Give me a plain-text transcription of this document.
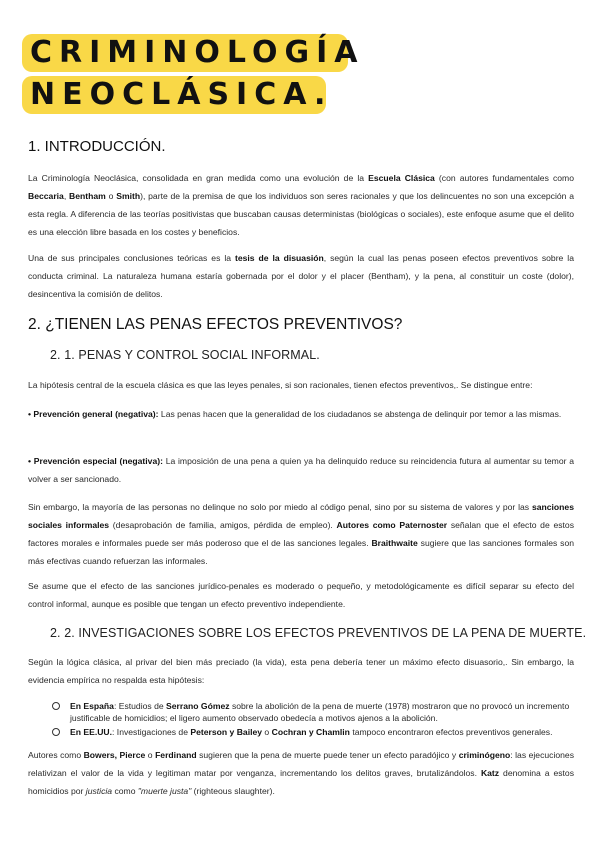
CRIMINOLOGÍA
NEOCLÁSICA.
1. INTRODUCCIÓN.

La Criminología Neoclásica, consolidada en gran medida como una evolución de la Escuela Clásica (con autores fundamentales como Beccaria, Bentham o Smith), parte de la premisa de que los individuos son seres racionales y que los delincuentes no son una excepción a esta regla. A diferencia de las teorías positivistas que buscaban causas deterministas (biológicas o sociales), este enfoque asume que el delito es una elección libre basada en los costes y beneficios.

Una de sus principales conclusiones teóricas es la tesis de la disuasión, según la cual las penas poseen efectos preventivos sobre la conducta criminal. La naturaleza humana estaría gobernada por el dolor y el placer (Bentham), y la pena, al constituir un coste (dolor), desincentiva la comisión de delitos.

2. ¿TIENEN LAS PENAS EFECTOS PREVENTIVOS?
2. 1. PENAS Y CONTROL SOCIAL INFORMAL.

La hipótesis central de la escuela clásica es que las leyes penales, si son racionales, tienen efectos preventivos,. Se distingue entre:

• Prevención general (negativa): Las penas hacen que la generalidad de los ciudadanos se abstenga de delinquir por temor a las mismas.

• Prevención especial (negativa): La imposición de una pena a quien ya ha delinquido reduce su reincidencia futura al aumentar su temor a volver a ser sancionado.

Sin embargo, la mayoría de las personas no delinque no solo por miedo al código penal, sino por su sistema de valores y por las sanciones sociales informales (desaprobación de familia, amigos, pérdida de empleo). Autores como Paternoster señalan que el efecto de estos factores morales e informales puede ser más poderoso que el de las sanciones legales. Braithwaite sugiere que las sanciones formales son más efectivas cuando refuerzan las informales.

Se asume que el efecto de las sanciones jurídico-penales es moderado o pequeño, y metodológicamente es difícil separar su efecto del control informal, aunque es posible que tengan un efecto preventivo independiente.

2. 2. INVESTIGACIONES SOBRE LOS EFECTOS PREVENTIVOS DE LA PENA DE MUERTE.

Según la lógica clásica, al privar del bien más preciado (la vida), esta pena debería tener un máximo efecto disuasorio,. Sin embargo, la evidencia empírica no respalda esta hipótesis:

En España: Estudios de Serrano Gómez sobre la abolición de la pena de muerte (1978) mostraron que no provocó un incremento justificable de homicidios; el ligero aumento observado obedecía a motivos ajenos a la abolición.
En EE.UU.: Investigaciones de Peterson y Bailey o Cochran y Chamlin tampoco encontraron efectos preventivos generales.

Autores como Bowers, Pierce o Ferdinand sugieren que la pena de muerte puede tener un efecto paradójico y criminógeno: las ejecuciones relativizan el valor de la vida y legitiman matar por venganza, incrementando los delitos graves, brutalizándolos. Katz denomina a estos homicidios por justicia como "muerte justa" (righteous slaughter).
